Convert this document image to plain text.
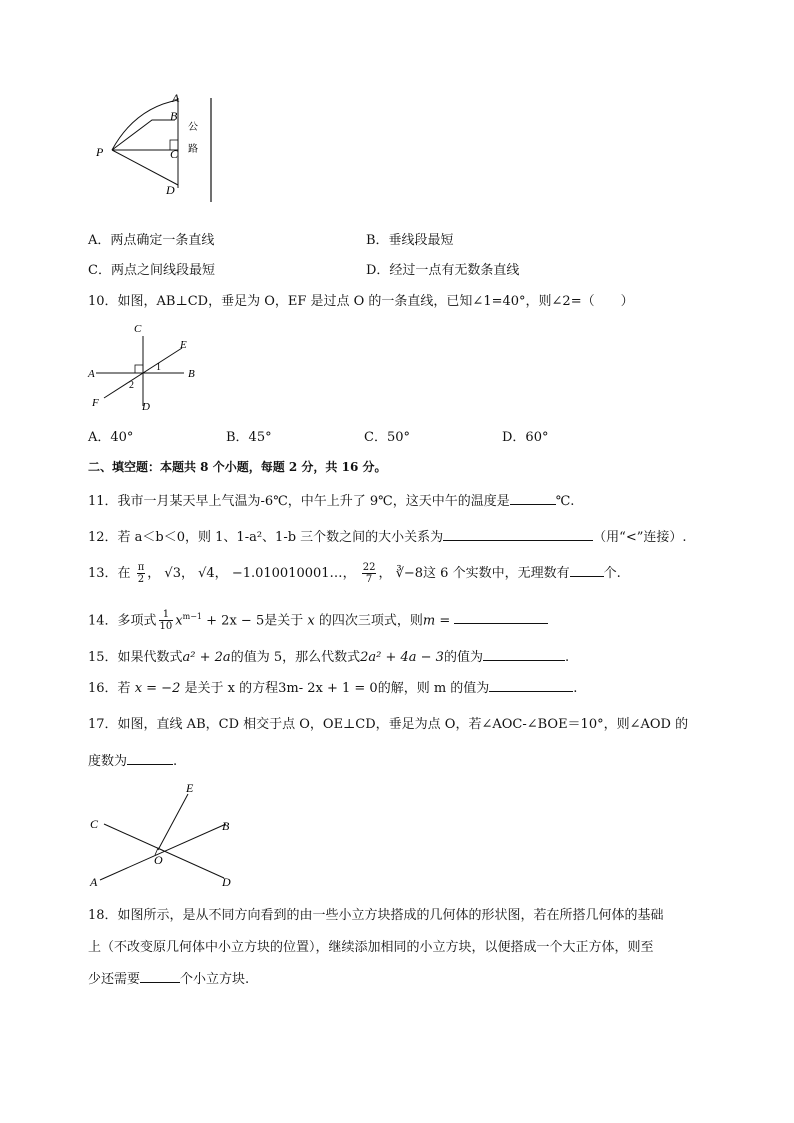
A
B
C
D
P
公
路
A．两点确定一条直线	B．垂线段最短
C．两点之间线段最短	D．经过一点有无数条直线
10．如图，AB⊥CD，垂足为 O，EF 是过点 O 的一条直线，已知∠1=40°，则∠2=（　　）
C
E
A	B
1
2
F	D
A．40°	B．45°	C．50°	D．60°
二、填空题：本题共 8 个小题，每题 2 分，共 16 分。
11．我市一月某天早上气温为-6℃，中午上升了 9℃，这天中午的温度是	℃.
12．若 a＜b＜0，则 1、1-a²、1-b 三个数之间的大小关系为	（用“<”连接）.
13．在 $\frac{\pi}{2}$ ， √3， √4， −1.010010001…， $\frac{22}{7}$ ， ∛−8这 6 个实数中，无理数有	个.
14．多项式 $\frac{1}{10} x^{m-1} + 2x - 5$是关于 x 的四次三项式，则m =
15．如果代数式a² + 2a的值为 5，那么代数式2a² + 4a − 3的值为	.
16．若 x = −2 是关于 x 的方程3m- 2x + 1 = 0的解，则 m 的值为	.
17．如图，直线 AB，CD 相交于点 O，OE⊥CD，垂足为点 O，若∠AOC-∠BOE＝10°，则∠AOD 的
度数为	.
E
C	B
O
A	D
18．如图所示，是从不同方向看到的由一些小立方块搭成的几何体的形状图，若在所搭几何体的基础
上（不改变原几何体中小立方块的位置），继续添加相同的小立方块，以便搭成一个大正方体，则至
少还需要	个小立方块.
